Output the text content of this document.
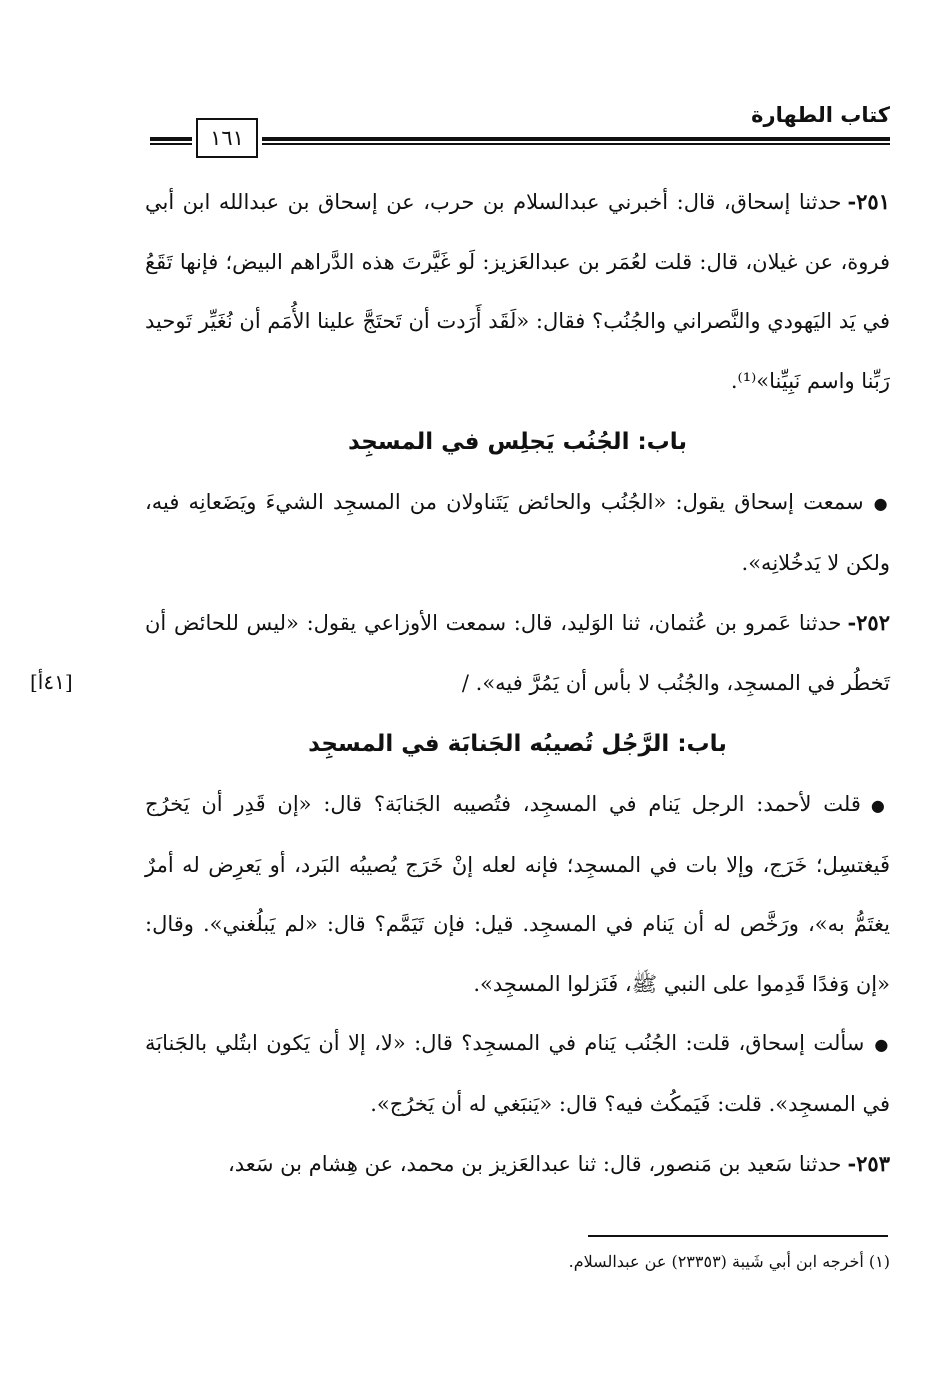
كتاب الطهارة
١٦١

٢٥١-حدثنا إسحاق، قال: أخبرني عبدالسلام بن حرب، عن إسحاق بن عبدالله ابن أبي فروة، عن غيلان، قال: قلت لعُمَر بن عبدالعَزيز: لَو غَيَّرتَ هذه الدَّراهم البيض؛ فإنها تَقَعُ في يَد اليَهودي والنَّصراني والجُنُب؟ فقال: «لَقَد أَرَدت أن تَحتَجَّ علينا الأُمَم أن نُغَيِّر تَوحيد رَبِّنا واسم نَبِيِّنا»⁽¹⁾.

باب: الجُنُب يَجلِس في المسجِد

●سمعت إسحاق يقول: «الجُنُب والحائض يَتَناولان من المسجِد الشيءَ ويَضَعانِه فيه، ولكن لا يَدخُلانِه».

٢٥٢-حدثنا عَمرو بن عُثمان، ثنا الوَليد، قال: سمعت الأوزاعي يقول: «ليس للحائض أن تَخطُر في المسجِد، والجُنُب لا بأس أن يَمُرَّ فيه». /

باب: الرَّجُل تُصيبُه الجَنابَة في المسجِد

●قلت لأحمد: الرجل يَنام في المسجِد، فتُصيبه الجَنابَة؟ قال: «إن قَدِر أن يَخرُج فَيغتسِل؛ خَرَج، وإلا بات في المسجِد؛ فإنه لعله إنْ خَرَج يُصيبُه البَرد، أو يَعرِض له أمرٌ يغتَمُّ به»، ورَخَّص له أن يَنام في المسجِد. قيل: فإن تَيَمَّم؟ قال: «لم يَبلُغني». وقال: «إن وَفدًا قَدِموا على النبي ﷺ، فَنَزلوا المسجِد».

●سألت إسحاق، قلت: الجُنُب يَنام في المسجِد؟ قال: «لا، إلا أن يَكون ابتُلي بالجَنابَة في المسجِد». قلت: فَيَمكُث فيه؟ قال: «يَنبَغي له أن يَخرُج».

٢٥٣-حدثنا سَعيد بن مَنصور، قال: ثنا عبدالعَزيز بن محمد، عن هِشام بن سَعد،

[٤١أ]
(١) أخرجه ابن أبي شَيبة (٢٣٣٥٣) عن عبدالسلام.
